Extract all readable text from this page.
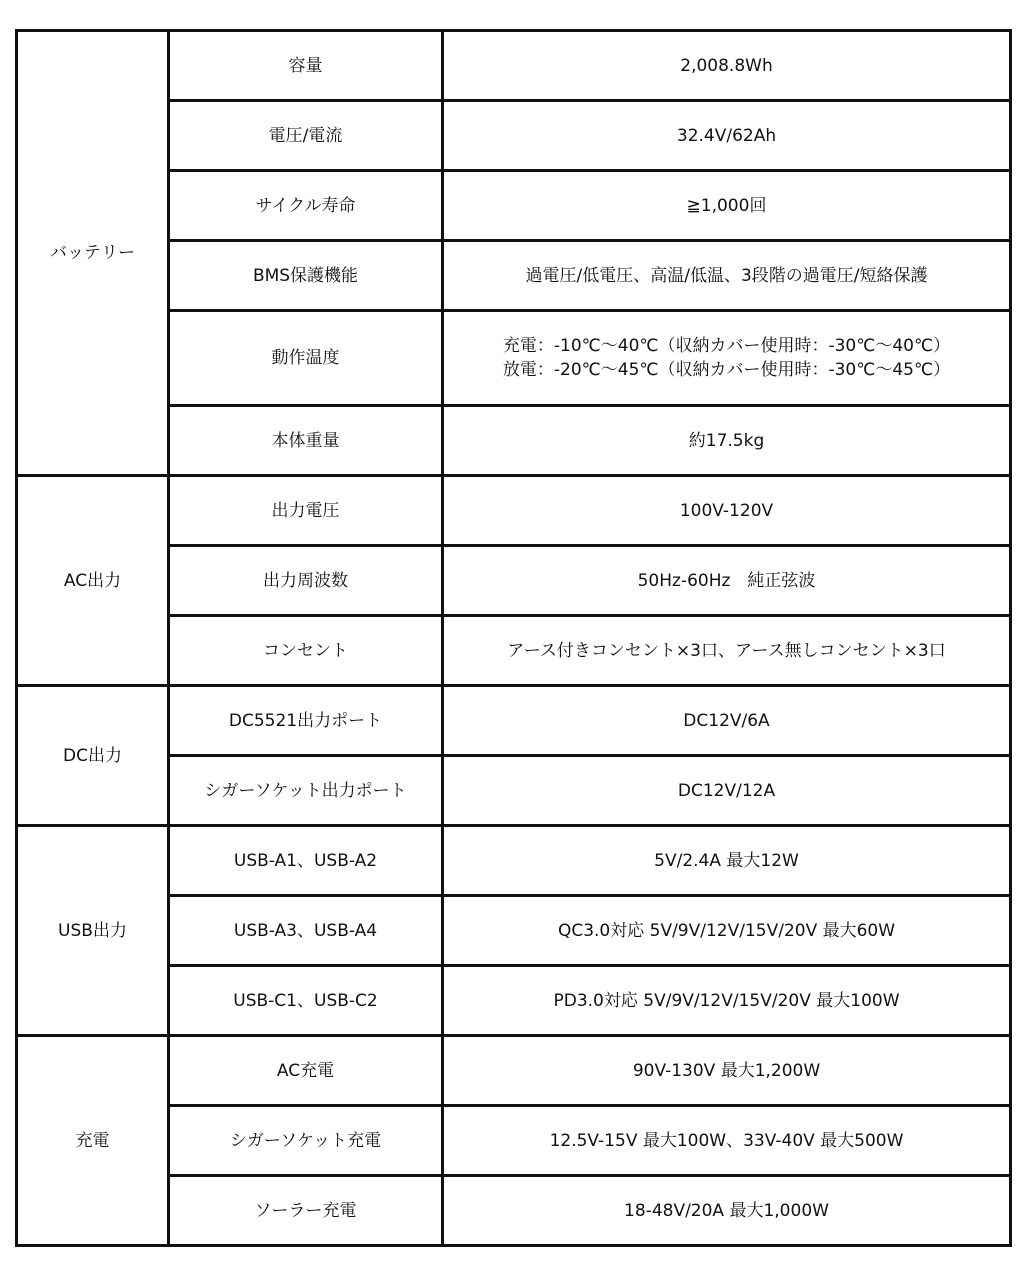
バッテリー	容量	2,008.8Wh

	電圧/電流	32.4V/62Ah

	サイクル寿命	≧1,000回

	BMS保護機能	過電圧/低電圧、高温/低温、3段階の過電圧/短絡保護

	動作温度	充電：-10℃〜40℃（収納カバー使用時：-30℃〜40℃）
放電：-20℃〜45℃（収納カバー使用時：-30℃〜45℃）

	本体重量	約17.5kg

AC出力	出力電圧	100V-120V

	出力周波数	50Hz-60Hz　純正弦波

	コンセント	アース付きコンセント×3口、アース無しコンセント×3口

DC出力	DC5521出力ポート	DC12V/6A

	シガーソケット出力ポート	DC12V/12A

USB出力	USB-A1、USB-A2	5V/2.4A 最大12W

	USB-A3、USB-A4	QC3.0対応 5V/9V/12V/15V/20V 最大60W

	USB-C1、USB-C2	PD3.0対応 5V/9V/12V/15V/20V 最大100W

充電	AC充電	90V-130V 最大1,200W

	シガーソケット充電	12.5V-15V 最大100W、33V-40V 最大500W

	ソーラー充電	18-48V/20A 最大1,000W
